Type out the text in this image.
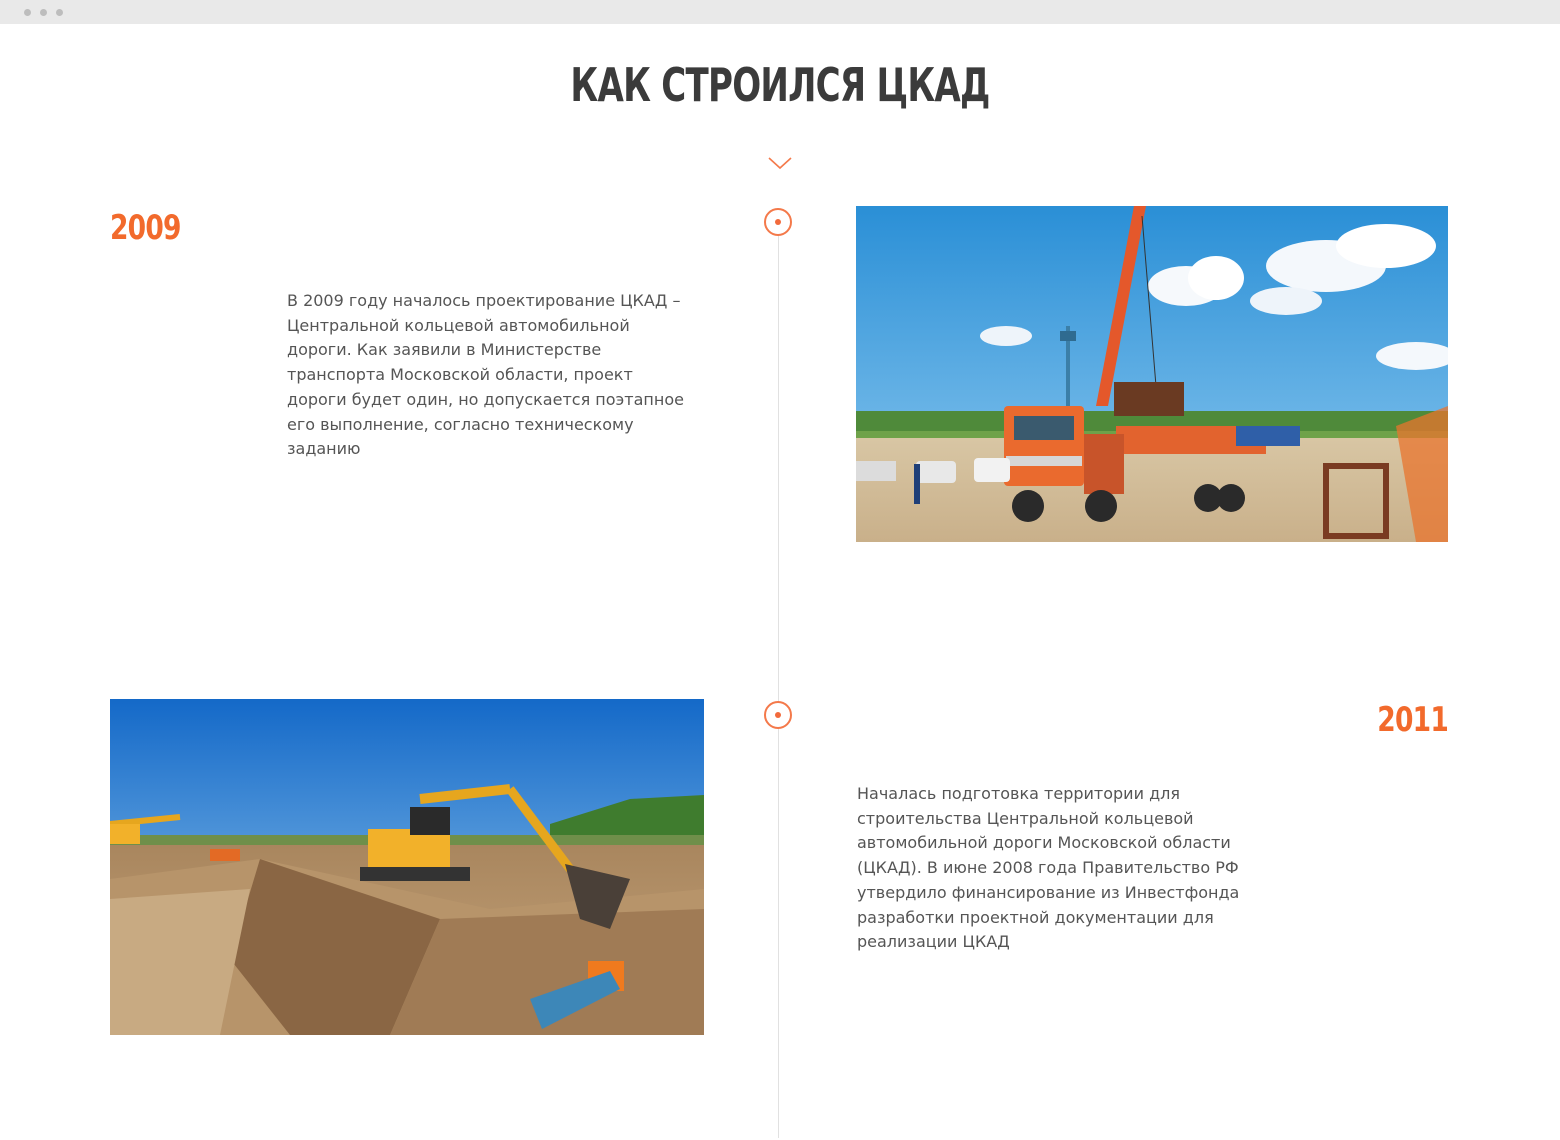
КАК СТРОИЛСЯ ЦКАД
2009
В 2009 году началось проектирование ЦКАД – Центральной кольцевой автомобильной дороги. Как заявили в Министерстве транспорта Московской области, проект дороги будет один, но допускается поэтапное его выполнение, согласно техническому заданию
2011
Началась подготовка территории для строительства Центральной кольцевой автомобильной дороги Московской области (ЦКАД). В июне 2008 года Правительство РФ утвердило финансирование из Инвестфонда разработки проектной документации для реализации ЦКАД
